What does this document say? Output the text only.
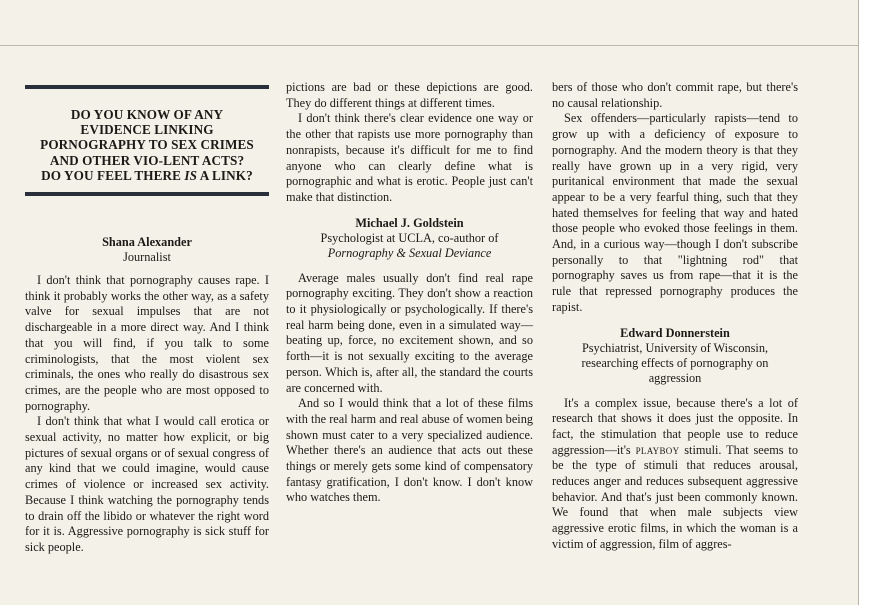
DO YOU KNOW OF ANY EVIDENCE LINKING PORNOGRAPHY TO SEX CRIMES AND OTHER VIO-LENT ACTS? DO YOU FEEL THERE IS A LINK?
Shana Alexander
Journalist

I don't think that pornography causes rape. I think it probably works the other way, as a safety valve for sexual impulses that are not dischargeable in a more direct way. And I think that you will find, if you talk to some criminologists, that the most violent sex criminals, the ones who really do disastrous sex crimes, are the people who are most opposed to pornography.

I don't think that what I would call erotica or sexual activity, no matter how explicit, or big pictures of sexual organs or of sexual congress of any kind that we could imagine, would cause crimes of violence or increased sex activity. Because I think watching the pornography tends to drain off the libido or whatever the right word for it is. Aggressive pornography is sick stuff for sick people.

pictions are bad or these depictions are good. They do different things at different times.

I don't think there's clear evidence one way or the other that rapists use more pornography than nonrapists, because it's difficult for me to find anyone who can clearly define what is pornographic and what is erotic. People just can't make that distinction.

Michael J. Goldstein
Psychologist at UCLA, co-author of
Pornography & Sexual Deviance

Average males usually don't find real rape pornography exciting. They don't show a reaction to it physiologically or psychologically. If there's real harm being done, even in a simulated way—beating up, force, no excitement shown, and so forth—it is not sexually exciting to the average person. Which is, after all, the standard the courts are concerned with.

And so I would think that a lot of these films with the real harm and real abuse of women being shown must cater to a very specialized audience. Whether there's an audience that acts out these things or merely gets some kind of compensatory fantasy gratification, I don't know. I don't know who watches them.

bers of those who don't commit rape, but there's no causal relationship.

Sex offenders—particularly rapists—tend to grow up with a deficiency of exposure to pornography. And the modern theory is that they really have grown up in a very rigid, very puritanical environment that made the sexual appear to be a very fearful thing, such that they hated themselves for feeling that way and hated those people who evoked those feelings in them. And, in a curious way—though I don't subscribe personally to that "lightning rod" that pornography saves us from rape—that it is the rule that repressed pornography produces the rapist.

Edward Donnerstein
Psychiatrist, University of Wisconsin, researching effects of pornography on aggression

It's a complex issue, because there's a lot of research that shows it does just the opposite. In fact, the stimulation that people use to reduce aggression—it's playboy stimuli. That seems to be the type of stimuli that reduces arousal, reduces anger and reduces subsequent aggressive behavior. And that's just been commonly known. We found that when male subjects view aggressive erotic films, in which the woman is a victim of aggression, film of aggres-
